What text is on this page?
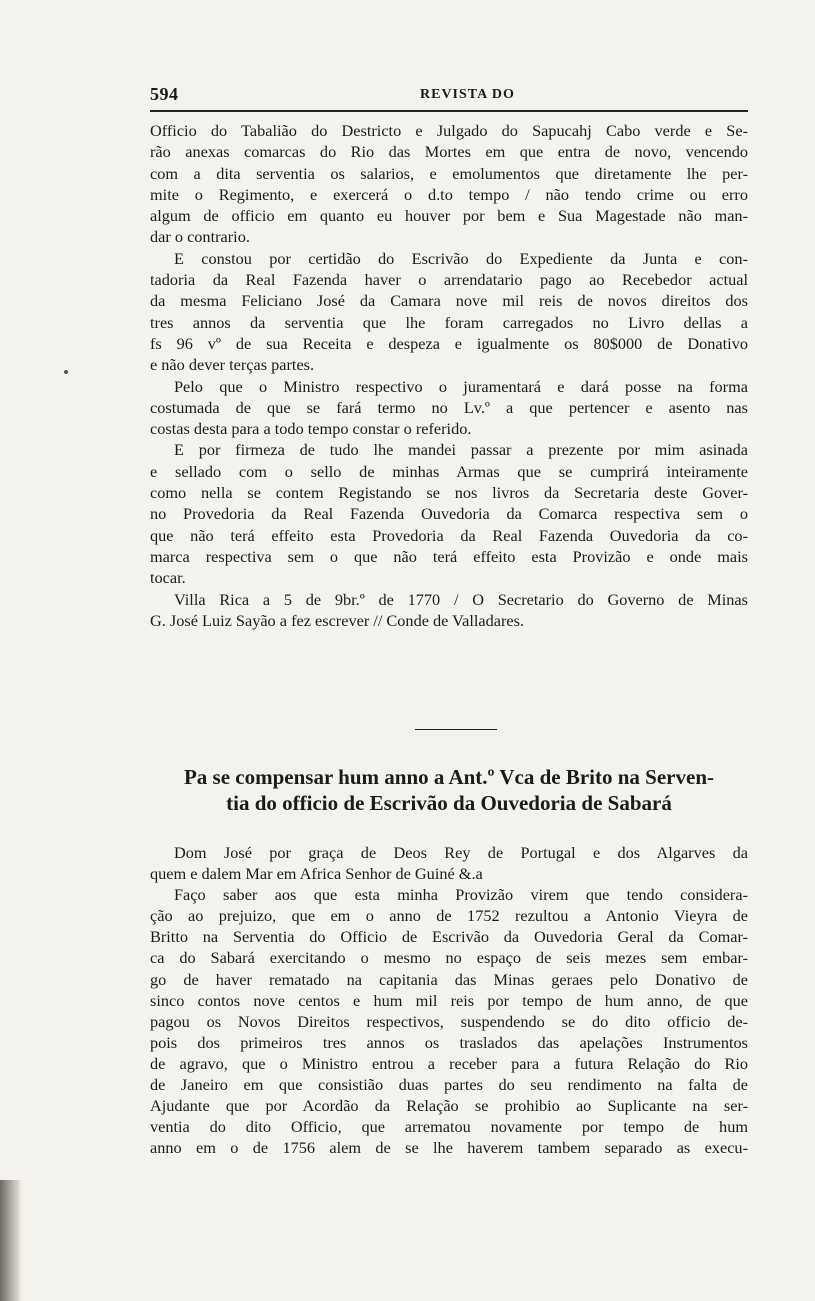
594	REVISTA DO
Officio do Tabalião do Destricto e Julgado do Sapucahj Cabo verde e Se-
rão anexas comarcas do Rio das Mortes em que entra de novo, vencendo
com a dita serventia os salarios, e emolumentos que diretamente lhe per-
mite o Regimento, e exercerá o d.to tempo / não tendo crime ou erro
algum de officio em quanto eu houver por bem e Sua Magestade não man-
dar o contrario.
E constou por certidão do Escrivão do Expediente da Junta e con-
tadoria da Real Fazenda haver o arrendatario pago ao Recebedor actual
da mesma Feliciano José da Camara nove mil reis de novos direitos dos
tres annos da serventia que lhe foram carregados no Livro dellas a
fs 96 vº de sua Receita e despeza e igualmente os 80$000 de Donativo
e não dever terças partes.
Pelo que o Ministro respectivo o juramentará e dará posse na forma
costumada de que se fará termo no Lv.º a que pertencer e asento nas
costas desta para a todo tempo constar o referido.
E por firmeza de tudo lhe mandei passar a prezente por mim asinada
e sellado com o sello de minhas Armas que se cumprirá inteiramente
como nella se contem Registando se nos livros da Secretaria deste Gover-
no Provedoria da Real Fazenda Ouvedoria da Comarca respectiva sem o
que não terá effeito esta Provedoria da Real Fazenda Ouvedoria da co-
marca respectiva sem o que não terá effeito esta Provizão e onde mais
tocar.
Villa Rica a 5 de 9br.º de 1770 / O Secretario do Governo de Minas
G. José Luiz Sayão a fez escrever // Conde de Valladares.
Pa se compensar hum anno a Ant.º Vca de Brito na Serven-
tia do officio de Escrivão da Ouvedoria de Sabará
Dom José por graça de Deos Rey de Portugal e dos Algarves da
quem e dalem Mar em Africa Senhor de Guiné &.a
Faço saber aos que esta minha Provizão virem que tendo considera-
ção ao prejuizo, que em o anno de 1752 rezultou a Antonio Vieyra de
Britto na Serventia do Officio de Escrivão da Ouvedoria Geral da Comar-
ca do Sabará exercitando o mesmo no espaço de seis mezes sem embar-
go de haver rematado na capitania das Minas geraes pelo Donativo de
sinco contos nove centos e hum mil reis por tempo de hum anno, de que
pagou os Novos Direitos respectivos, suspendendo se do dito officio de-
pois dos primeiros tres annos os traslados das apelações Instrumentos
de agravo, que o Ministro entrou a receber para a futura Relação do Rio
de Janeiro em que consistião duas partes do seu rendimento na falta de
Ajudante que por Acordão da Relação se prohibio ao Suplicante na ser-
ventia do dito Officio, que arrematou novamente por tempo de hum
anno em o de 1756 alem de se lhe haverem tambem separado as execu-
